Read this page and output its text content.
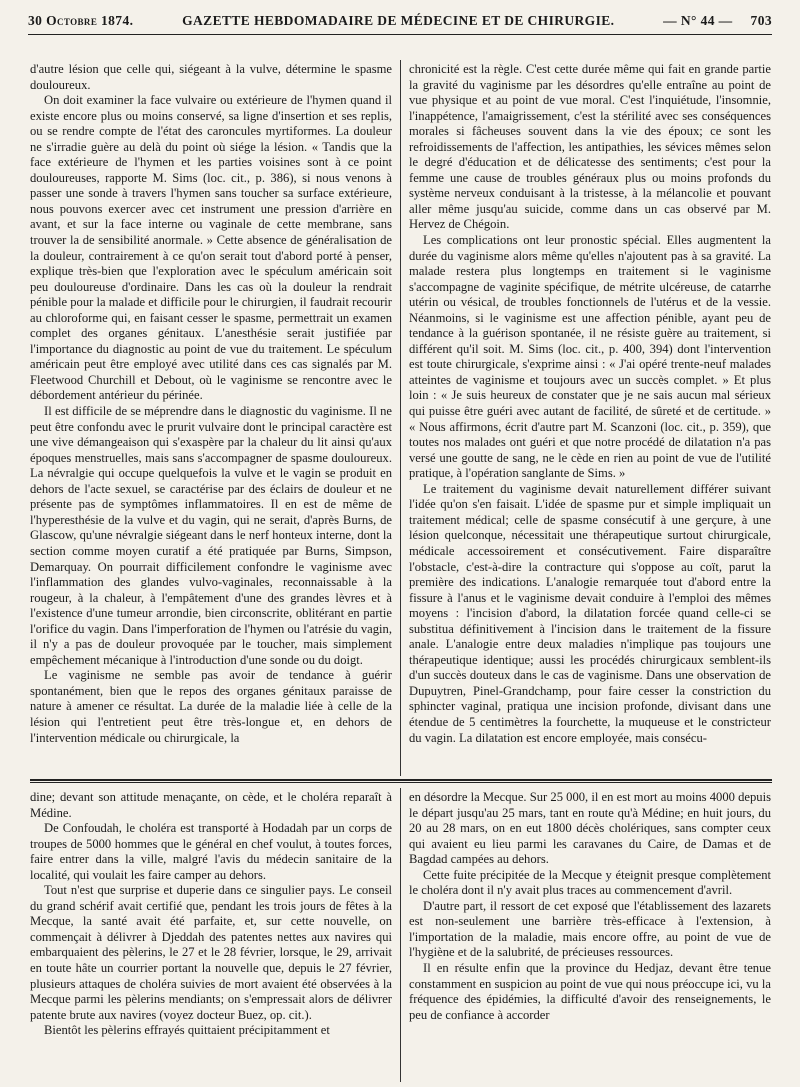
30 Octobre 1874.	GAZETTE HEBDOMADAIRE DE MÉDECINE ET DE CHIRURGIE.	— N° 44 — 703

d'autre lésion que celle qui, siégeant à la vulve, détermine le spasme douloureux.

On doit examiner la face vulvaire ou extérieure de l'hymen quand il existe encore plus ou moins conservé, sa ligne d'insertion et ses replis, ou se rendre compte de l'état des caroncules myrtiformes. La douleur ne s'irradie guère au delà du point où siége la lésion. « Tandis que la face extérieure de l'hymen et les parties voisines sont à ce point douloureuses, rapporte M. Sims (loc. cit., p. 386), si nous venons à passer une sonde à travers l'hymen sans toucher sa surface extérieure, nous pouvons exercer avec cet instrument une pression d'arrière en avant, et sur la face interne ou vaginale de cette membrane, sans trouver la de sensibilité anormale. » Cette absence de généralisation de la douleur, contrairement à ce qu'on serait tout d'abord porté à penser, explique très-bien que l'exploration avec le spéculum américain soit peu douloureuse d'ordinaire. Dans les cas où la douleur la rendrait pénible pour la malade et difficile pour le chirurgien, il faudrait recourir au chloroforme qui, en faisant cesser le spasme, permettrait un examen complet des organes génitaux. L'anesthésie serait justifiée par l'importance du diagnostic au point de vue du traitement. Le spéculum américain peut être employé avec utilité dans ces cas signalés par M. Fleetwood Churchill et Debout, où le vaginisme se rencontre avec le débordement antérieur du périnée.

Il est difficile de se méprendre dans le diagnostic du vaginisme. Il ne peut être confondu avec le prurit vulvaire dont le principal caractère est une vive démangeaison qui s'exaspère par la chaleur du lit ainsi qu'aux époques menstruelles, mais sans s'accompagner de spasme douloureux. La névralgie qui occupe quelquefois la vulve et le vagin se produit en dehors de l'acte sexuel, se caractérise par des éclairs de douleur et ne présente pas de symptômes inflammatoires. Il en est de même de l'hyperesthésie de la vulve et du vagin, qui ne serait, d'après Burns, de Glascow, qu'une névralgie siégeant dans le nerf honteux interne, dont la section comme moyen curatif a été pratiquée par Burns, Simpson, Demarquay. On pourrait difficilement confondre le vaginisme avec l'inflammation des glandes vulvo-vaginales, reconnaissable à la rougeur, à la chaleur, à l'empâtement d'une des grandes lèvres et à l'existence d'une tumeur arrondie, bien circonscrite, oblitérant en partie l'orifice du vagin. Dans l'imperforation de l'hymen ou l'atrésie du vagin, il n'y a pas de douleur provoquée par le toucher, mais simplement empêchement mécanique à l'introduction d'une sonde ou du doigt.

Le vaginisme ne semble pas avoir de tendance à guérir spontanément, bien que le repos des organes génitaux paraisse de nature à amener ce résultat. La durée de la maladie liée à celle de la lésion qui l'entretient peut être très-longue et, en dehors de l'intervention médicale ou chirurgicale, la

chronicité est la règle. C'est cette durée même qui fait en grande partie la gravité du vaginisme par les désordres qu'elle entraîne au point de vue physique et au point de vue moral. C'est l'inquiétude, l'insomnie, l'inappétence, l'amaigrissement, c'est la stérilité avec ses conséquences morales si fâcheuses souvent dans la vie des époux; ce sont les refroidissements de l'affection, les antipathies, les sévices mêmes selon le degré d'éducation et de délicatesse des sentiments; c'est pour la femme une cause de troubles généraux plus ou moins profonds du système nerveux conduisant à la tristesse, à la mélancolie et pouvant aller même jusqu'au suicide, comme dans un cas observé par M. Hervez de Chégoin.

Les complications ont leur pronostic spécial. Elles augmentent la durée du vaginisme alors même qu'elles n'ajoutent pas à sa gravité. La malade restera plus longtemps en traitement si le vaginisme s'accompagne de vaginite spécifique, de métrite ulcéreuse, de catarrhe utérin ou vésical, de troubles fonctionnels de l'utérus et de la vessie. Néanmoins, si le vaginisme est une affection pénible, ayant peu de tendance à la guérison spontanée, il ne résiste guère au traitement, si différent qu'il soit. M. Sims (loc. cit., p. 400, 394) dont l'intervention est toute chirurgicale, s'exprime ainsi : « J'ai opéré trente-neuf malades atteintes de vaginisme et toujours avec un succès complet. » Et plus loin : « Je suis heureux de constater que je ne sais aucun mal sérieux qui puisse être guéri avec autant de facilité, de sûreté et de certitude. » « Nous affirmons, écrit d'autre part M. Scanzoni (loc. cit., p. 359), que toutes nos malades ont guéri et que notre procédé de dilatation n'a pas versé une goutte de sang, ne le cède en rien au point de vue de l'utilité pratique, à l'opération sanglante de Sims. »

Le traitement du vaginisme devait naturellement différer suivant l'idée qu'on s'en faisait. L'idée de spasme pur et simple impliquait un traitement médical; celle de spasme consécutif à une gerçure, à une lésion quelconque, nécessitait une thérapeutique surtout chirurgicale, médicale accessoirement et consécutivement. Faire disparaître l'obstacle, c'est-à-dire la contracture qui s'oppose au coït, parut la première des indications. L'analogie remarquée tout d'abord entre la fissure à l'anus et le vaginisme devait conduire à l'emploi des mêmes moyens : l'incision d'abord, la dilatation forcée quand celle-ci se substitua définitivement à l'incision dans le traitement de la fissure anale. L'analogie entre deux maladies n'implique pas toujours une thérapeutique identique; aussi les procédés chirurgicaux semblent-ils d'un succès douteux dans le cas de vaginisme. Dans une observation de Dupuytren, Pinel-Grandchamp, pour faire cesser la constriction du sphincter vaginal, pratiqua une incision profonde, divisant dans une étendue de 5 centimètres la fourchette, la muqueuse et le constricteur du vagin. La dilatation est encore employée, mais consécu-

dine; devant son attitude menaçante, on cède, et le choléra reparaît à Médine.

De Confoudah, le choléra est transporté à Hodadah par un corps de troupes de 5000 hommes que le général en chef voulut, à toutes forces, faire entrer dans la ville, malgré l'avis du médecin sanitaire de la localité, qui voulait les faire camper au dehors.

Tout n'est que surprise et duperie dans ce singulier pays. Le conseil du grand schérif avait certifié que, pendant les trois jours de fêtes à la Mecque, la santé avait été parfaite, et, sur cette nouvelle, on commençait à délivrer à Djeddah des patentes nettes aux navires qui embarquaient des pèlerins, le 27 et le 28 février, lorsque, le 29, arrivait en toute hâte un courrier portant la nouvelle que, depuis le 27 février, plusieurs attaques de choléra suivies de mort avaient été observées à la Mecque parmi les pèlerins mendiants; on s'empressait alors de délivrer patente brute aux navires (voyez docteur Buez, op. cit.).

Bientôt les pèlerins effrayés quittaient précipitamment et

en désordre la Mecque. Sur 25 000, il en est mort au moins 4000 depuis le départ jusqu'au 25 mars, tant en route qu'à Médine; en huit jours, du 20 au 28 mars, on en eut 1800 décès cholériques, sans compter ceux qui avaient eu lieu parmi les caravanes du Caire, de Damas et de Bagdad campées au dehors.

Cette fuite précipitée de la Mecque y éteignit presque complètement le choléra dont il n'y avait plus traces au commencement d'avril.

D'autre part, il ressort de cet exposé que l'établissement des lazarets est non-seulement une barrière très-efficace à l'extension, à l'importation de la maladie, mais encore offre, au point de vue de l'hygiène et de la salubrité, de précieuses ressources.

Il en résulte enfin que la province du Hedjaz, devant être tenue constamment en suspicion au point de vue qui nous préoccupe ici, vu la fréquence des épidémies, la difficulté d'avoir des renseignements, le peu de confiance à accorder
